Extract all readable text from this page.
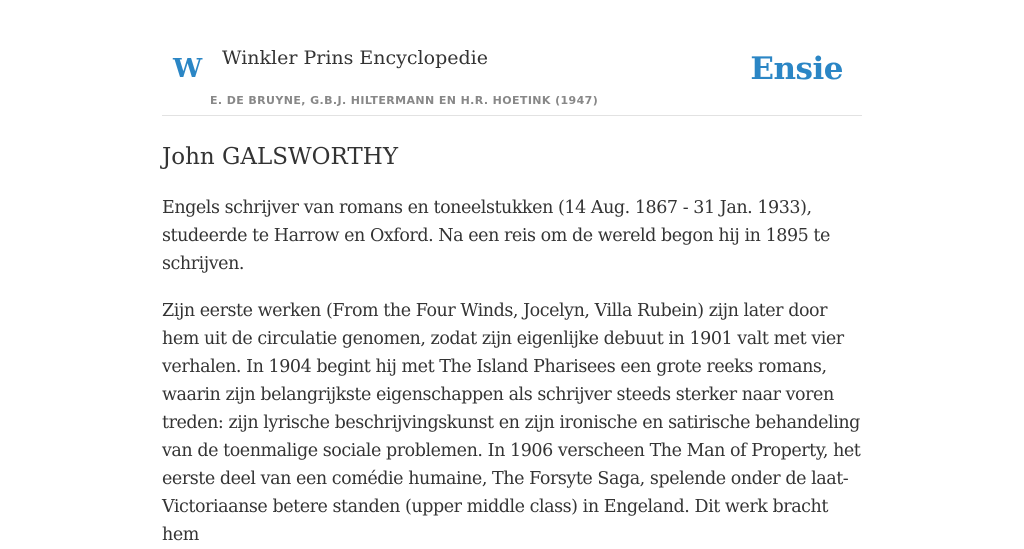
W Winkler Prins Encyclopedie
E. DE BRUYNE, G.B.J. HILTERMANN EN H.R. HOETINK (1947)
Ensie
John GALSWORTHY

Engels schrijver van romans en toneelstukken (14 Aug. 1867 - 31 Jan. 1933), studeerde te Harrow en Oxford. Na een reis om de wereld begon hij in 1895 te schrijven.

Zijn eerste werken (From the Four Winds, Jocelyn, Villa Rubein) zijn later door hem uit de circulatie genomen, zodat zijn eigenlijke debuut in 1901 valt met vier verhalen. In 1904 begint hij met The Island Pharisees een grote reeks romans, waarin zijn belangrijkste eigenschappen als schrijver steeds sterker naar voren treden: zijn lyrische beschrijvingskunst en zijn ironische en satirische behandeling van de toenmalige sociale problemen. In 1906 verscheen The Man of Property, het eerste deel van een comédie humaine, The Forsyte Saga, spelende onder de laat-Victoriaanse betere standen (upper middle class) in Engeland. Dit werk bracht hem
